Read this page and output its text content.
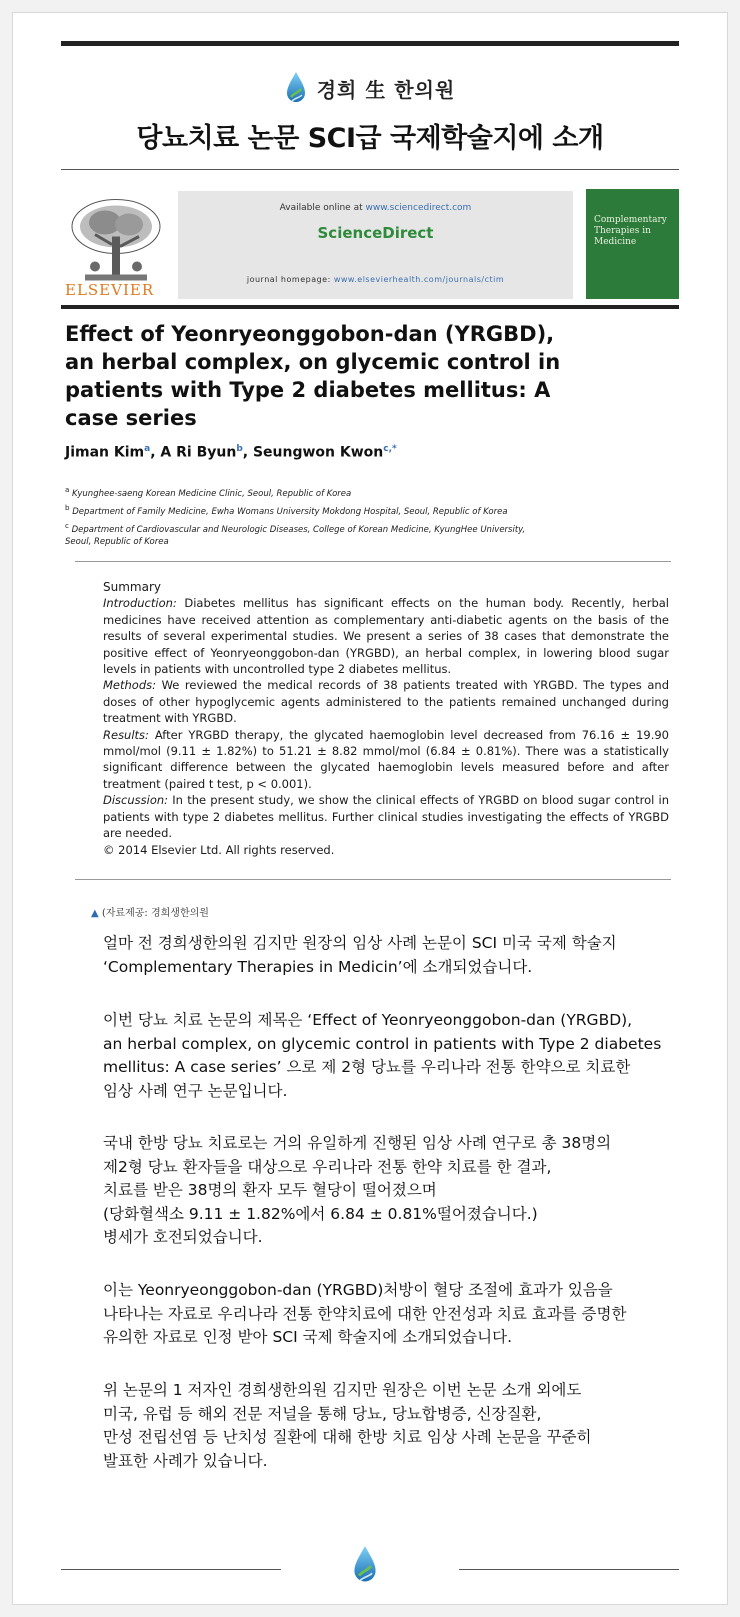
경희 生 한의원
당뇨치료 논문 SCI급 국제학술지에 소개
ELSEVIER
Available online at www.sciencedirect.com
ScienceDirect
journal homepage: www.elsevierhealth.com/journals/ctim
Complementary Therapies in Medicine
Effect of Yeonryeonggobon-dan (YRGBD),
an herbal complex, on glycemic control in
patients with Type 2 diabetes mellitus: A
case series
Jiman Kim$^a$, A Ri Byun$^b$, Seungwon Kwon$^{c,*}$
$^a$ Kyunghee-saeng Korean Medicine Clinic, Seoul, Republic of Korea
$^b$ Department of Family Medicine, Ewha Womans University Mokdong Hospital, Seoul, Republic of Korea
$^c$ Department of Cardiovascular and Neurologic Diseases, College of Korean Medicine, KyungHee University,
Seoul, Republic of Korea
Summary

Introduction: Diabetes mellitus has significant effects on the human body. Recently, herbal medicines have received attention as complementary anti-diabetic agents on the basis of the results of several experimental studies. We present a series of 38 cases that demonstrate the positive effect of Yeonryeonggobon-dan (YRGBD), an herbal complex, in lowering blood sugar levels in patients with uncontrolled type 2 diabetes mellitus.

Methods: We reviewed the medical records of 38 patients treated with YRGBD. The types and doses of other hypoglycemic agents administered to the patients remained unchanged during treatment with YRGBD.

Results: After YRGBD therapy, the glycated haemoglobin level decreased from 76.16 ± 19.90 mmol/mol (9.11 ± 1.82%) to 51.21 ± 8.82 mmol/mol (6.84 ± 0.81%). There was a statistically significant difference between the glycated haemoglobin levels measured before and after treatment (paired t test, p < 0.001).

Discussion: In the present study, we show the clinical effects of YRGBD on blood sugar control in patients with type 2 diabetes mellitus. Further clinical studies investigating the effects of YRGBD are needed.

© 2014 Elsevier Ltd. All rights reserved.

▲ (자료제공: 경희생한의원
얼마 전 경희생한의원 김지만 원장의 임상 사례 논문이 SCI 미국 국제 학술지
‘Complementary Therapies in Medicin’에 소개되었습니다.
이번 당뇨 치료 논문의 제목은 ‘Effect of Yeonryeonggobon-dan (YRGBD),
an herbal complex, on glycemic control in patients with Type 2 diabetes
mellitus: A case series’ 으로 제 2형 당뇨를 우리나라 전통 한약으로 치료한
임상 사례 연구 논문입니다.
국내 한방 당뇨 치료로는 거의 유일하게 진행된 임상 사례 연구로 총 38명의
제2형 당뇨 환자들을 대상으로 우리나라 전통 한약 치료를 한 결과,
치료를 받은 38명의 환자 모두 혈당이 떨어졌으며
(당화혈색소 9.11 ± 1.82%에서 6.84 ± 0.81%떨어졌습니다.)
병세가 호전되었습니다.
이는 Yeonryeonggobon-dan (YRGBD)처방이 혈당 조절에 효과가 있음을
나타나는 자료로 우리나라 전통 한약치료에 대한 안전성과 치료 효과를 증명한
유의한 자료로 인정 받아 SCI 국제 학술지에 소개되었습니다.
위 논문의 1 저자인 경희생한의원 김지만 원장은 이번 논문 소개 외에도
미국, 유럽 등 해외 전문 저널을 통해 당뇨, 당뇨합병증, 신장질환,
만성 전립선염 등 난치성 질환에 대해 한방 치료 임상 사례 논문을 꾸준히
발표한 사례가 있습니다.
